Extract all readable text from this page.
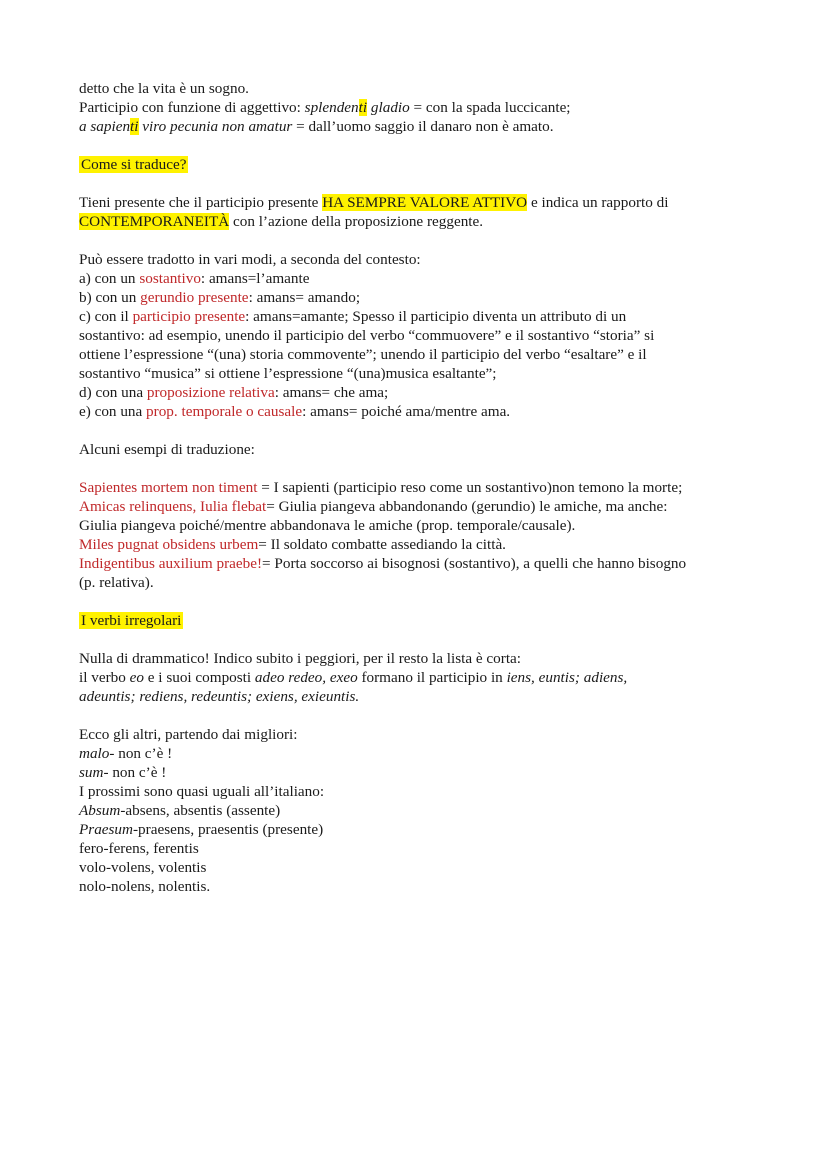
detto che la vita è un sogno.
Participio con funzione di aggettivo: splendenti gladio = con la spada luccicante;
a sapienti viro pecunia non amatur = dall’uomo saggio il danaro non è amato.
Come si traduce?
Tieni presente che il participio presente HA SEMPRE VALORE ATTIVO e indica un rapporto di
CONTEMPORANEITÀ con l’azione della proposizione reggente.
Può essere tradotto in vari modi, a seconda del contesto:
a) con un sostantivo: amans=l’amante
b) con un gerundio presente: amans= amando;
c) con il participio presente: amans=amante; Spesso il participio diventa un attributo di un
sostantivo: ad esempio, unendo il participio del verbo “commuovere” e il sostantivo “storia” si
ottiene l’espressione “(una) storia commovente”; unendo il participio del verbo “esaltare” e il
sostantivo “musica” si ottiene l’espressione “(una)musica esaltante”;
d) con una proposizione relativa: amans= che ama;
e) con una prop. temporale o causale: amans= poiché ama/mentre ama.
Alcuni esempi di traduzione:
Sapientes mortem non timent = I sapienti (participio reso come un sostantivo)non temono la morte;
Amicas relinquens, Iulia flebat= Giulia piangeva abbandonando (gerundio) le amiche, ma anche:
Giulia piangeva poiché/mentre abbandonava le amiche (prop. temporale/causale).
Miles pugnat obsidens urbem= Il soldato combatte assediando la città.
Indigentibus auxilium praebe!= Porta soccorso ai bisognosi (sostantivo), a quelli che hanno bisogno
(p. relativa).
I verbi irregolari
Nulla di drammatico! Indico subito i peggiori, per il resto la lista è corta:
il verbo eo e i suoi composti adeo redeo, exeo formano il participio in iens, euntis; adiens,
adeuntis; rediens, redeuntis; exiens, exieuntis.
Ecco gli altri, partendo dai migliori:
malo- non c’è !
sum- non c’è !
I prossimi sono quasi uguali all’italiano:
Absum-absens, absentis (assente)
Praesum-praesens, praesentis (presente)
fero-ferens, ferentis
volo-volens, volentis
nolo-nolens, nolentis.
